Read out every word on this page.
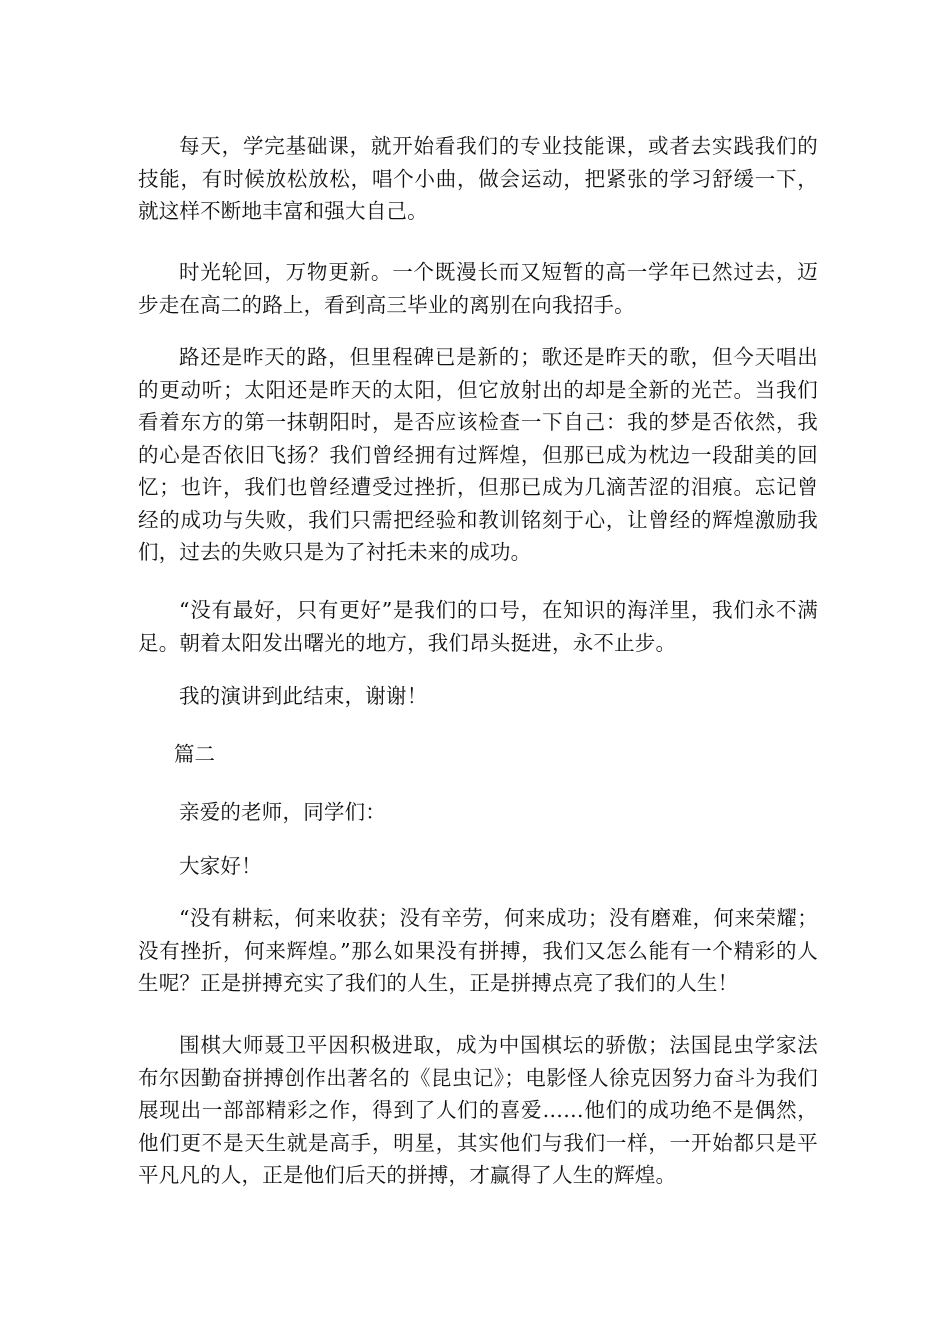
每天，学完基础课，就开始看我们的专业技能课，或者去实践我们的技能，有时候放松放松，唱个小曲，做会运动，把紧张的学习舒缓一下，就这样不断地丰富和强大自己。

时光轮回，万物更新。一个既漫长而又短暂的高一学年已然过去，迈步走在高二的路上，看到高三毕业的离别在向我招手。

路还是昨天的路，但里程碑已是新的；歌还是昨天的歌，但今天唱出的更动听；太阳还是昨天的太阳，但它放射出的却是全新的光芒。当我们看着东方的第一抹朝阳时，是否应该检查一下自己：我的梦是否依然，我的心是否依旧飞扬？我们曾经拥有过辉煌，但那已成为枕边一段甜美的回忆；也许，我们也曾经遭受过挫折，但那已成为几滴苦涩的泪痕。忘记曾经的成功与失败，我们只需把经验和教训铭刻于心，让曾经的辉煌激励我们，过去的失败只是为了衬托未来的成功。

“没有最好，只有更好”是我们的口号，在知识的海洋里，我们永不满足。朝着太阳发出曙光的地方，我们昂头挺进，永不止步。

我的演讲到此结束，谢谢！

篇二

亲爱的老师，同学们：

大家好！

“没有耕耘，何来收获；没有辛劳，何来成功；没有磨难，何来荣耀；没有挫折，何来辉煌。”那么如果没有拼搏，我们又怎么能有一个精彩的人生呢？正是拼搏充实了我们的人生，正是拼搏点亮了我们的人生！

围棋大师聂卫平因积极进取，成为中国棋坛的骄傲；法国昆虫学家法布尔因勤奋拼搏创作出著名的《昆虫记》；电影怪人徐克因努力奋斗为我们展现出一部部精彩之作，得到了人们的喜爱……他们的成功绝不是偶然，他们更不是天生就是高手，明星，其实他们与我们一样，一开始都只是平平凡凡的人，正是他们后天的拼搏，才赢得了人生的辉煌。
